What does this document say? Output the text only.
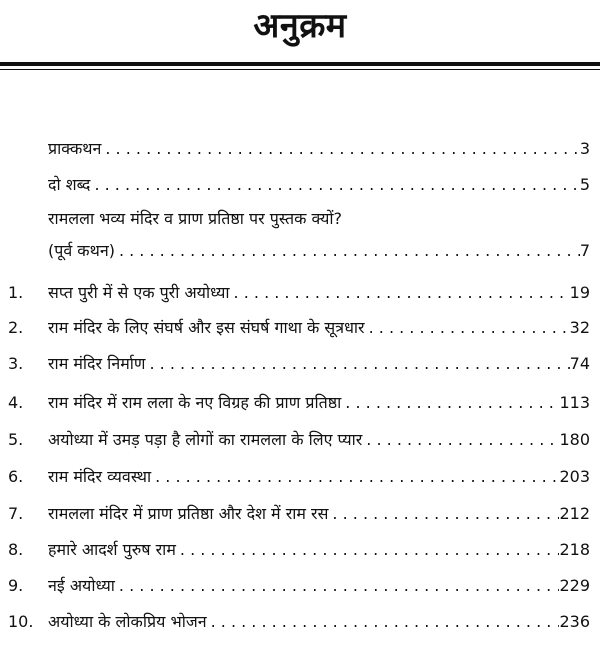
अनुक्रम
प्राक्कथन . . .	3
दो शब्द . . .	5
रामलला भव्य मंदिर व प्राण प्रतिष्ठा पर पुस्तक क्यों?
(पूर्व कथन) . . .	7
1.	सप्त पुरी में से एक पुरी अयोध्या . . .	19
2.	राम मंदिर के लिए संघर्ष और इस संघर्ष गाथा के सूत्रधार . . .	32
3.	राम मंदिर निर्माण . . .	74
4.	राम मंदिर में राम लला के नए विग्रह की प्राण प्रतिष्ठा . . .	113
5.	अयोध्या में उमड़ पड़ा है लोगों का रामलला के लिए प्यार . . .	180
6.	राम मंदिर व्यवस्था . . .	203
7.	रामलला मंदिर में प्राण प्रतिष्ठा और देश में राम रस . . .	212
8.	हमारे आदर्श पुरुष राम . . .	218
9.	नई अयोध्या . . .	229
10. अयोध्या के लोकप्रिय भोजन . . .	236
